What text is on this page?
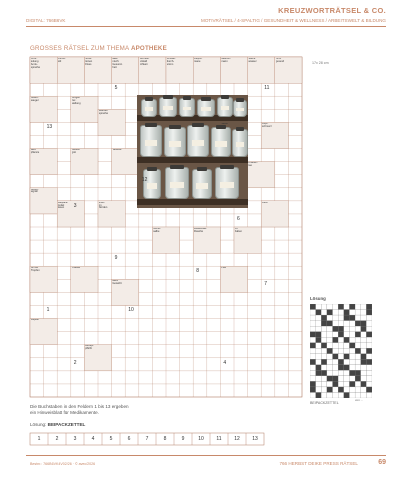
KREUZWORTRÄTSEL & CO.
DIGITAL: 766B6VK	MOTIVRÄTSEL / 4-SPALTIG / GESUNDHEIT & WELLNESS / ARBEITSWELT & BILDUNG
GROSSES RÄTSEL ZUM THEMA APOTHEKE
17x 28 cm
Chor-
leitung
Amts-
sprache
Kunst-
stil
Jona-
tionen
Fluss
latei-
nisch:
Gesund-
heit
Schnee-
kristall
lichkeit
Kristall-
durch-
strom
Klepto-
mane
Medizin-
mann
Säure
wasser
nicht
gesund
Staub-
sauger
Drogen
her-
stellung
Wander
sprache
Heil-
pflanze
Liebes-
gott
Tablette
Stopp-
signal
Beipack-
zettel
lesen
Insel
im
Norden
Salbe	Kopf-
schmerz
Kräuter-
tee
Keim
Wund-
salbe
Hustensaft
Flasche
zu
haben
Arznei
Tropfen
Pflaster
altes
Gewicht
Pille
Kapsel
Rezept
pflicht
5	11
13
12
3
6
9
8
7
1	10
2	4
1	2	3	4	5	6	7	8	9	10	11	12	13
Die Buchstaben in den Feldern 1 bis 13 ergeben
ein Hinweisblatt für Medikamente.
Lösung: BEIPACKZETTEL
Lösung
BEIPACKZETTEL
von ...
Bestnr.: 766B6VK4V02/26 · © avec/2026	766 HERBST DEIKE PRESS RÄTSEL	69
